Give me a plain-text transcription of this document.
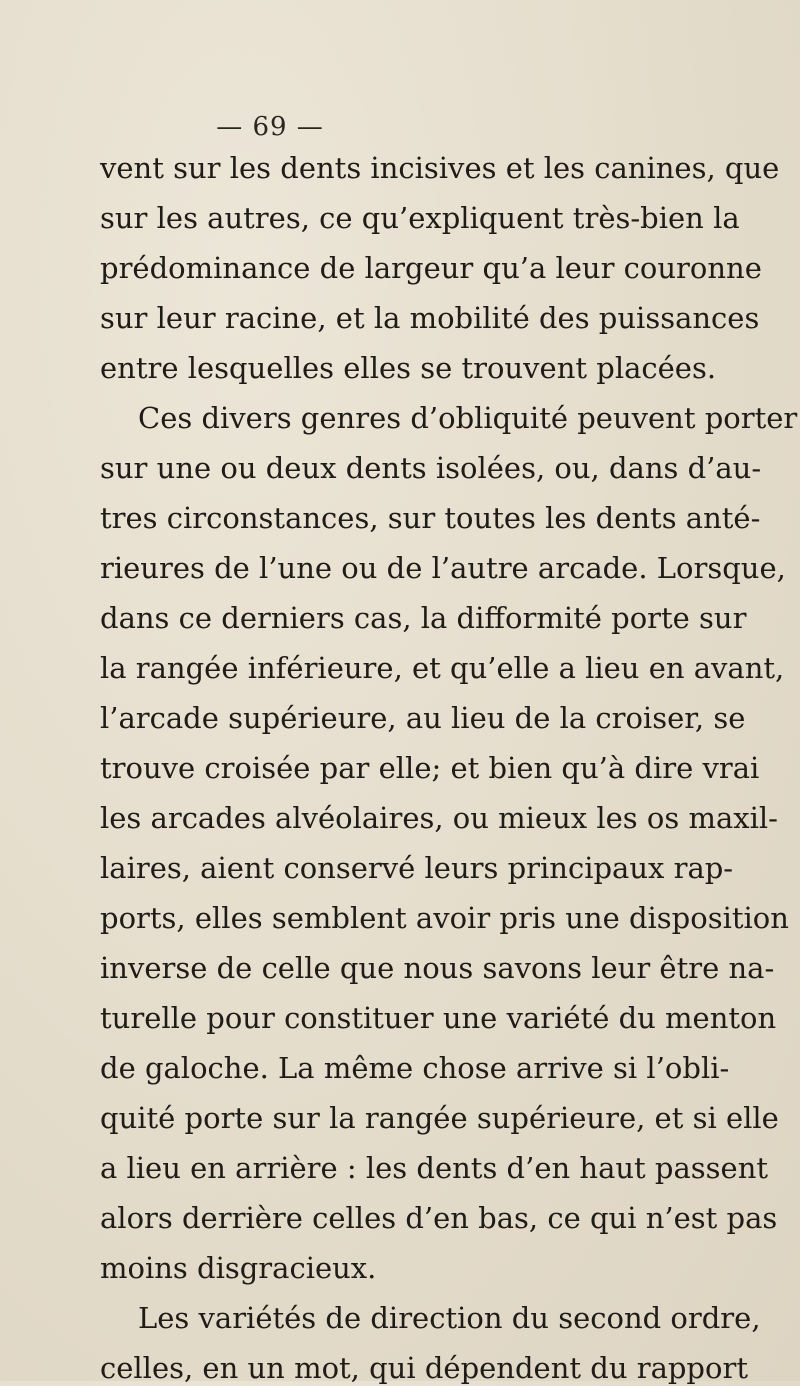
— 69 —
vent sur les dents incisives et les canines, que
sur les autres, ce qu’expliquent très-bien la
prédominance de largeur qu’a leur couronne
sur leur racine, et la mobilité des puissances
entre lesquelles elles se trouvent placées.
Ces divers genres d’obliquité peuvent porter
sur une ou deux dents isolées, ou, dans d’au-
tres circonstances, sur toutes les dents anté-
rieures de l’une ou de l’autre arcade. Lorsque,
dans ce derniers cas, la difformité porte sur
la rangée inférieure, et qu’elle a lieu en avant,
l’arcade supérieure, au lieu de la croiser, se
trouve croisée par elle; et bien qu’à dire vrai
les arcades alvéolaires, ou mieux les os maxil-
laires, aient conservé leurs principaux rap-
ports, elles semblent avoir pris une disposition
inverse de celle que nous savons leur être na-
turelle pour constituer une variété du menton
de galoche. La même chose arrive si l’obli-
quité porte sur la rangée supérieure, et si elle
a lieu en arrière : les dents d’en haut passent
alors derrière celles d’en bas, ce qui n’est pas
moins disgracieux.
Les variétés de direction du second ordre,
celles, en un mot, qui dépendent du rapport
